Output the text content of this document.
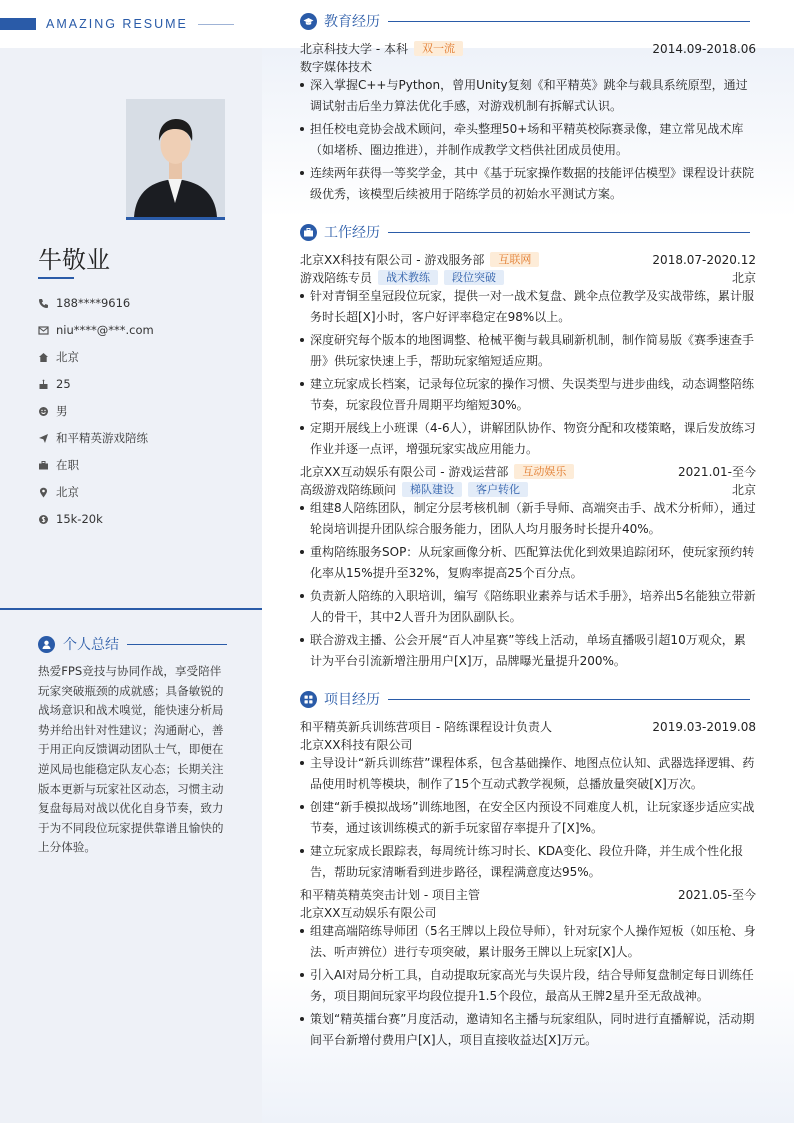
AMAZING RESUME
牛敬业
188****9616
niu****@***.com
北京
25
男
和平精英游戏陪练
在职
北京
15k-20k
个人总结
热爱FPS竞技与协同作战，享受陪伴玩家突破瓶颈的成就感；具备敏锐的战场意识和战术嗅觉，能快速分析局势并给出针对性建议；沟通耐心，善于用正向反馈调动团队士气，即便在逆风局也能稳定队友心态；长期关注版本更新与玩家社区动态，习惯主动复盘每局对战以优化自身节奏，致力于为不同段位玩家提供靠谱且愉快的上分体验。
教育经历
北京科技大学 - 本科	双一流	2014.09-2018.06
数字媒体技术
深入掌握C++与Python，曾用Unity复刻《和平精英》跳伞与载具系统原型，通过调试射击后坐力算法优化手感，对游戏机制有拆解式认识。
担任校电竞协会战术顾问，牵头整理50+场和平精英校际赛录像，建立常见战术库（如堵桥、圈边推进），并制作成教学文档供社团成员使用。
连续两年获得一等奖学金，其中《基于玩家操作数据的技能评估模型》课程设计获院级优秀，该模型后续被用于陪练学员的初始水平测试方案。
工作经历
北京XX科技有限公司 - 游戏服务部	互联网	2018.07-2020.12
游戏陪练专员	战术教练	段位突破	北京
针对青铜至皇冠段位玩家，提供一对一战术复盘、跳伞点位教学及实战带练，累计服务时长超[X]小时，客户好评率稳定在98%以上。
深度研究每个版本的地图调整、枪械平衡与载具刷新机制，制作简易版《赛季速查手册》供玩家快速上手，帮助玩家缩短适应期。
建立玩家成长档案，记录每位玩家的操作习惯、失误类型与进步曲线，动态调整陪练节奏，玩家段位晋升周期平均缩短30%。
定期开展线上小班课（4-6人），讲解团队协作、物资分配和攻楼策略，课后发放练习作业并逐一点评，增强玩家实战应用能力。
北京XX互动娱乐有限公司 - 游戏运营部	互动娱乐	2021.01-至今
高级游戏陪练顾问	梯队建设	客户转化	北京
组建8人陪练团队，制定分层考核机制（新手导师、高端突击手、战术分析师），通过轮岗培训提升团队综合服务能力，团队人均月服务时长提升40%。
重构陪练服务SOP：从玩家画像分析、匹配算法优化到效果追踪闭环，使玩家预约转化率从15%提升至32%，复购率提高25个百分点。
负责新人陪练的入职培训，编写《陪练职业素养与话术手册》，培养出5名能独立带新人的骨干，其中2人晋升为团队副队长。
联合游戏主播、公会开展“百人冲星赛”等线上活动，单场直播吸引超10万观众，累计为平台引流新增注册用户[X]万，品牌曝光量提升200%。
项目经历
和平精英新兵训练营项目 - 陪练课程设计负责人	2019.03-2019.08
北京XX科技有限公司
主导设计“新兵训练营”课程体系，包含基础操作、地图点位认知、武器选择逻辑、药品使用时机等模块，制作了15个互动式教学视频，总播放量突破[X]万次。
创建“新手模拟战场”训练地图，在安全区内预设不同难度人机，让玩家逐步适应实战节奏，通过该训练模式的新手玩家留存率提升了[X]%。
建立玩家成长跟踪表，每周统计练习时长、KDA变化、段位升降，并生成个性化报告，帮助玩家清晰看到进步路径，课程满意度达95%。
和平精英精英突击计划 - 项目主管	2021.05-至今
北京XX互动娱乐有限公司
组建高端陪练导师团（5名王牌以上段位导师），针对玩家个人操作短板（如压枪、身法、听声辨位）进行专项突破，累计服务王牌以上玩家[X]人。
引入AI对局分析工具，自动提取玩家高光与失误片段，结合导师复盘制定每日训练任务，项目期间玩家平均段位提升1.5个段位，最高从王牌2星升至无敌战神。
策划“精英擂台赛”月度活动，邀请知名主播与玩家组队，同时进行直播解说，活动期间平台新增付费用户[X]人，项目直接收益达[X]万元。
